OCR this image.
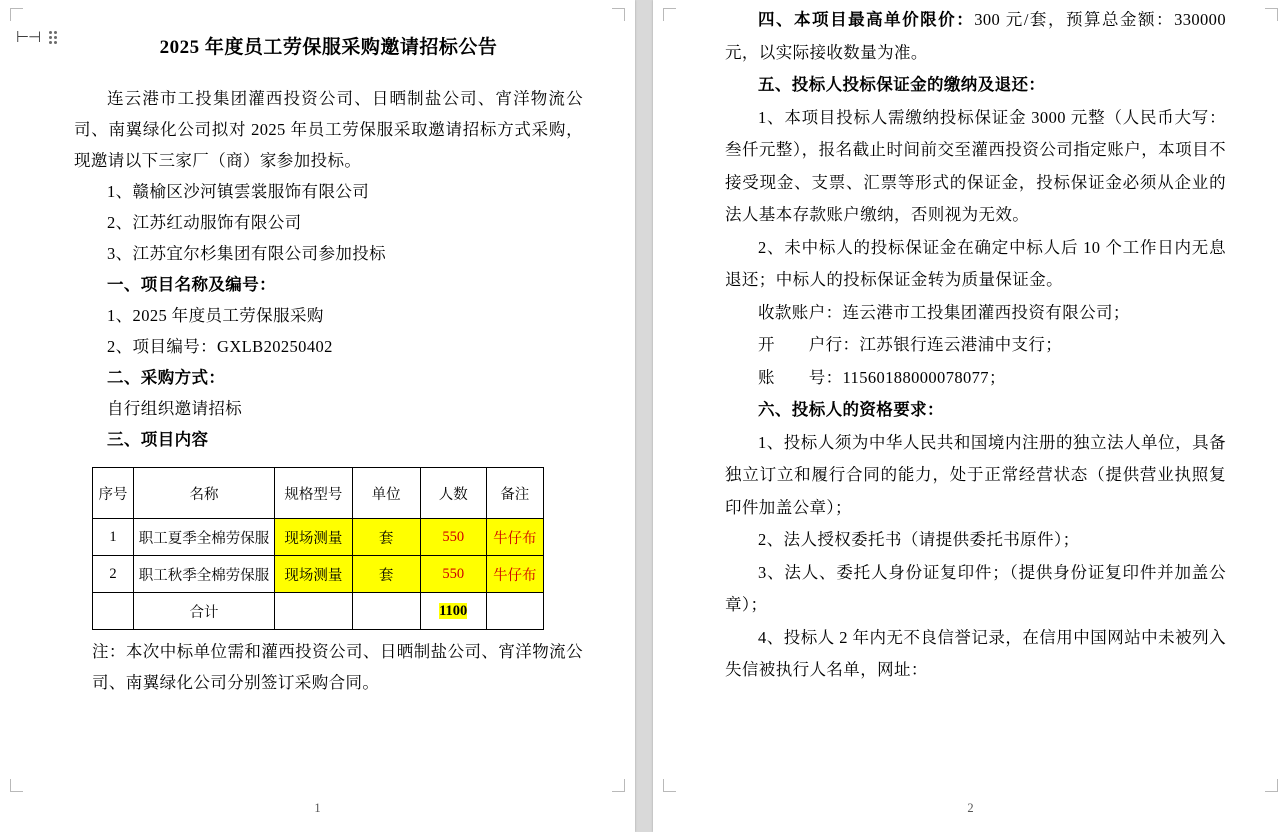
⊢⊣	2025 年度员工劳保服采购邀请招标公告

连云港市工投集团灌西投资公司、日晒制盐公司、宵洋物流公司、南翼绿化公司拟对 2025 年员工劳保服采取邀请招标方式采购，现邀请以下三家厂（商）家参加投标。

1、赣榆区沙河镇雲裳服饰有限公司

2、江苏红动服饰有限公司

3、江苏宜尔杉集团有限公司参加投标

一、项目名称及编号：

1、2025 年度员工劳保服采购

2、项目编号：GXLB20250402

二、采购方式：

自行组织邀请招标

三、项目内容

序号	名称	规格型号	单位	人数	备注
1	职工夏季全棉劳保服	现场测量	套	550	牛仔布
2	职工秋季全棉劳保服	现场测量	套	550	牛仔布
	合计			1100	

注：本次中标单位需和灌西投资公司、日晒制盐公司、宵洋物流公司、南翼绿化公司分别签订采购合同。

1

四、本项目最高单价限价：300 元/套，预算总金额：330000 元，以实际接收数量为准。

五、投标人投标保证金的缴纳及退还：

1、本项目投标人需缴纳投标保证金 3000 元整（人民币大写：叁仟元整），报名截止时间前交至灌西投资公司指定账户，本项目不接受现金、支票、汇票等形式的保证金，投标保证金必须从企业的法人基本存款账户缴纳，否则视为无效。

2、未中标人的投标保证金在确定中标人后 10 个工作日内无息退还；中标人的投标保证金转为质量保证金。

收款账户：连云港市工投集团灌西投资有限公司；

开　　户行：江苏银行连云港浦中支行；

账　　号：11560188000078077；

六、投标人的资格要求：

1、投标人须为中华人民共和国境内注册的独立法人单位，具备独立订立和履行合同的能力，处于正常经营状态（提供营业执照复印件加盖公章）；

2、法人授权委托书（请提供委托书原件）；

3、法人、委托人身份证复印件；（提供身份证复印件并加盖公章）；

4、投标人 2 年内无不良信誉记录，在信用中国网站中未被列入失信被执行人名单，网址：

2
